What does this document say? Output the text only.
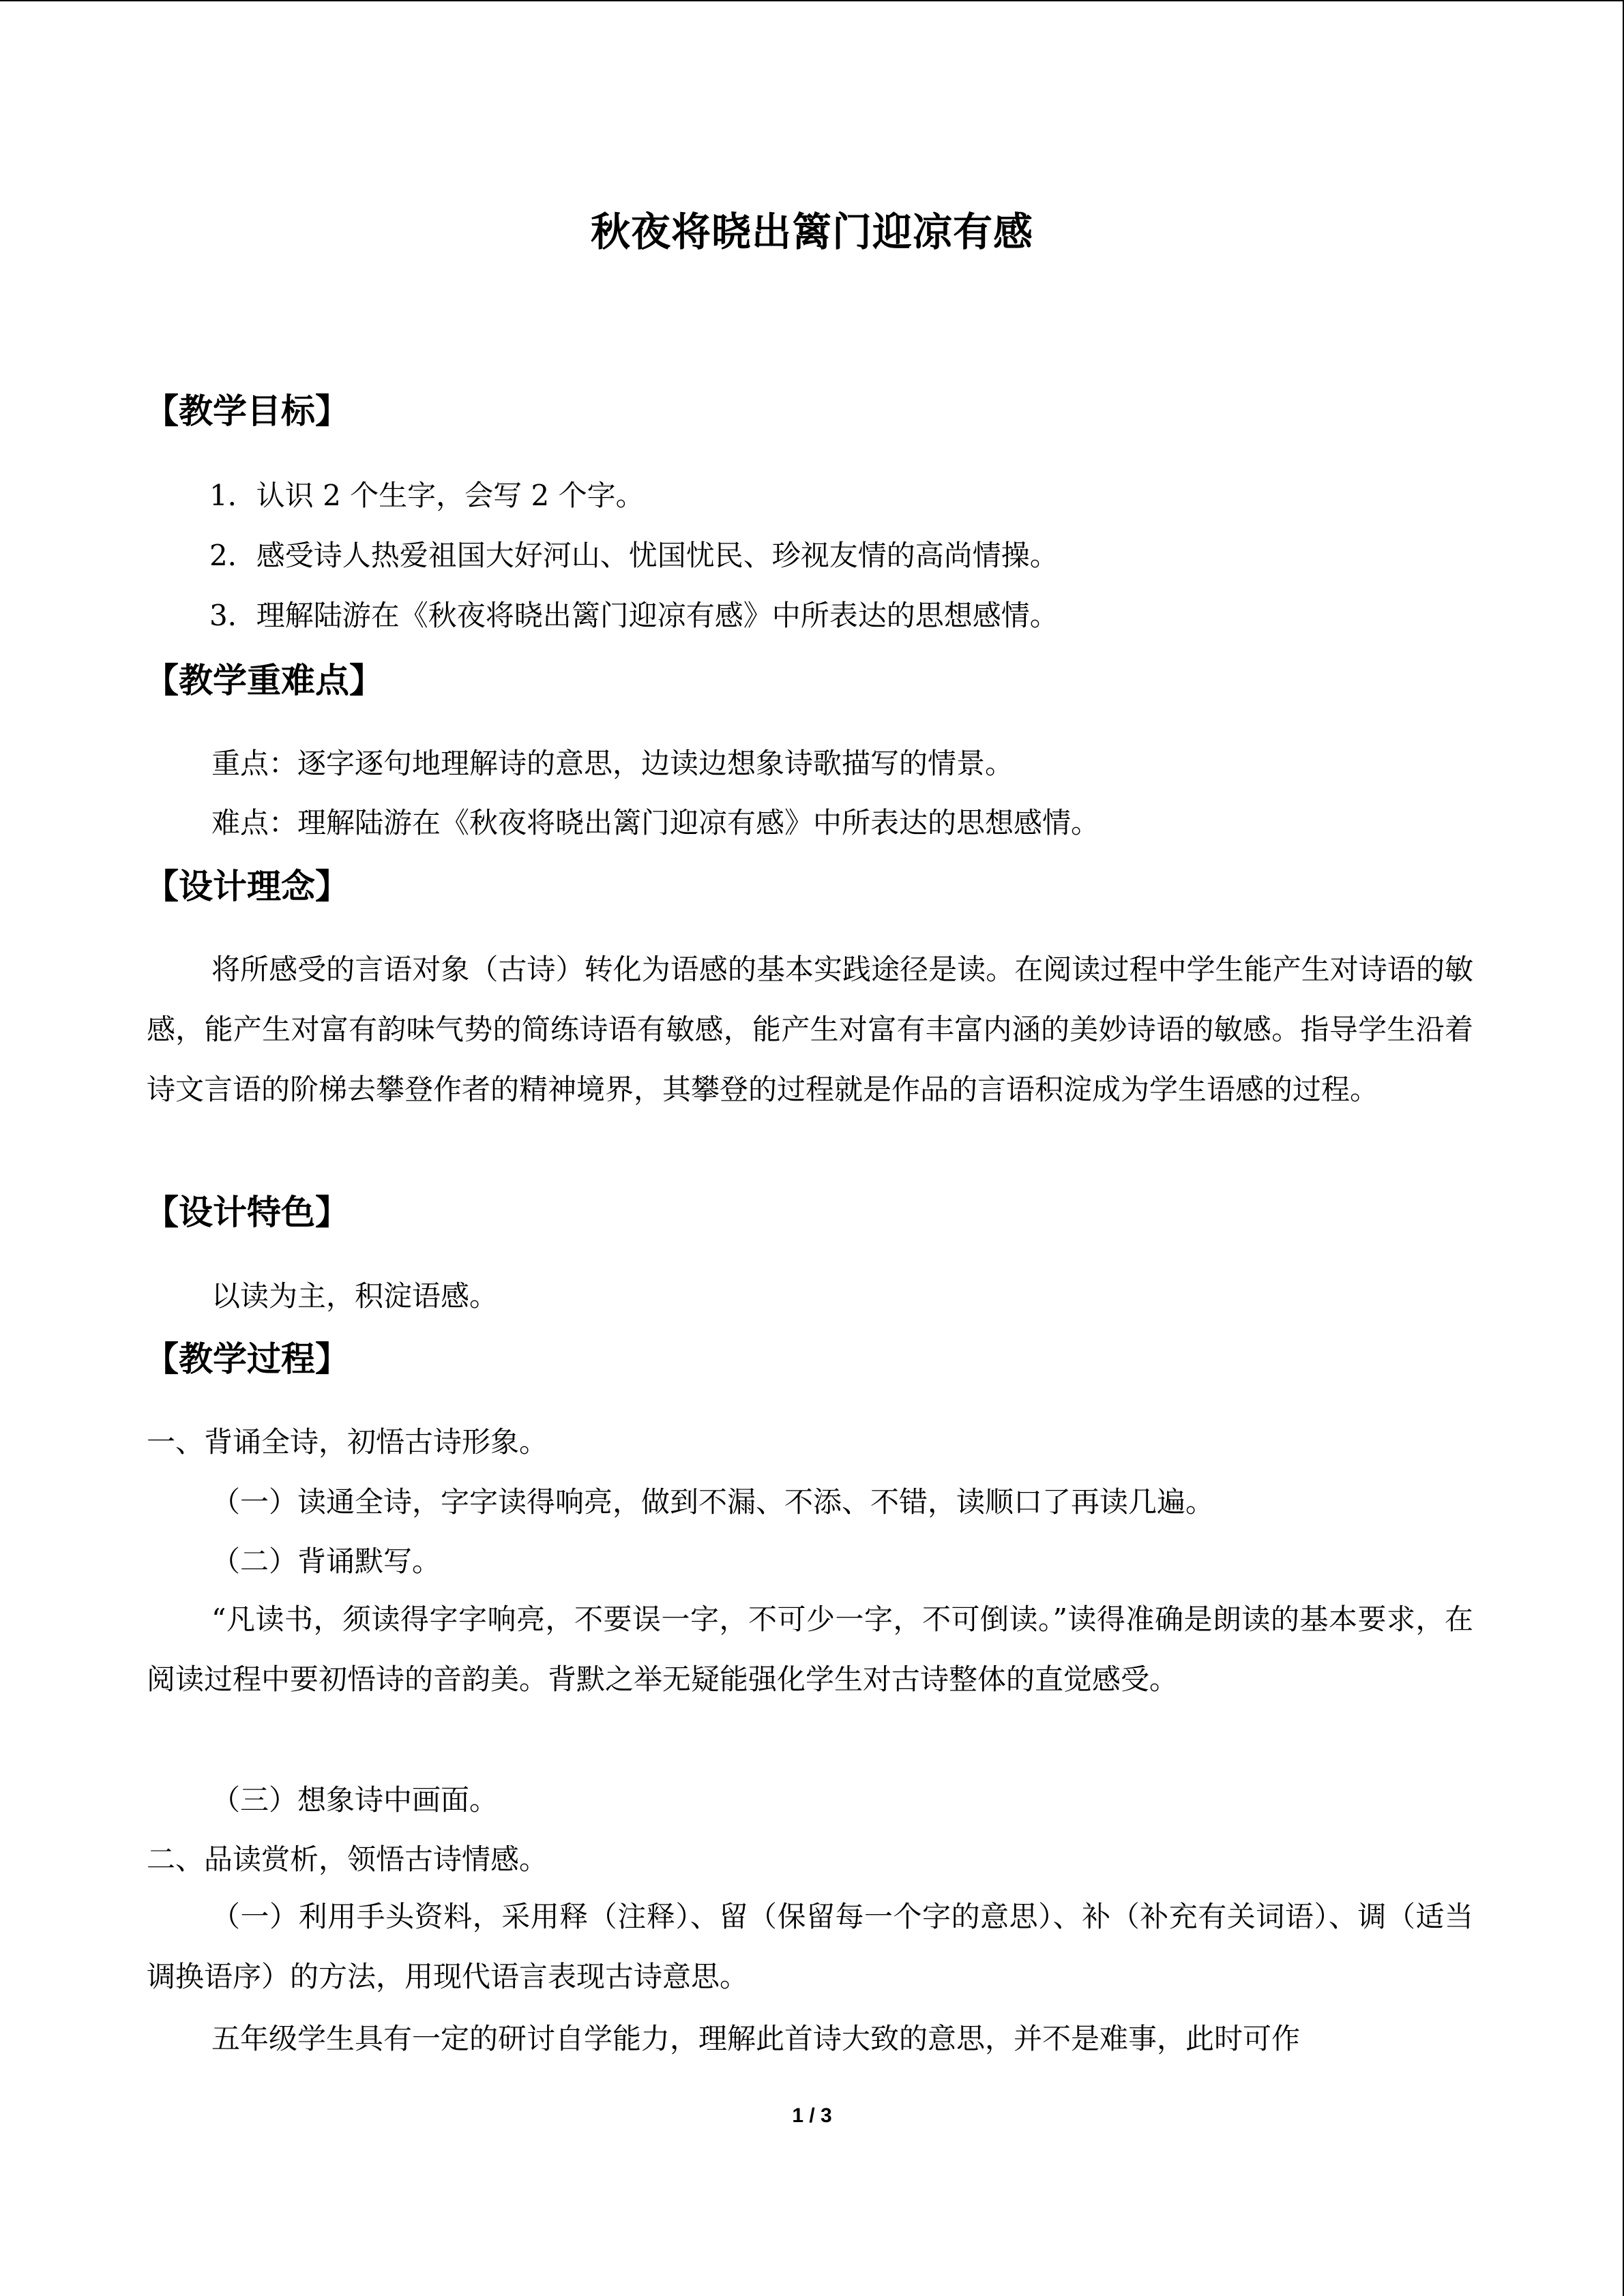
秋夜将晓出篱门迎凉有感
【教学目标】
1．认识 2 个生字，会写 2 个字。
2．感受诗人热爱祖国大好河山、忧国忧民、珍视友情的高尚情操。
3．理解陆游在《秋夜将晓出篱门迎凉有感》中所表达的思想感情。
【教学重难点】
重点：逐字逐句地理解诗的意思，边读边想象诗歌描写的情景。
难点：理解陆游在《秋夜将晓出篱门迎凉有感》中所表达的思想感情。
【设计理念】
将所感受的言语对象（古诗）转化为语感的基本实践途径是读。在阅读过程中学生能产生对诗语的敏感，能产生对富有韵味气势的简练诗语有敏感，能产生对富有丰富内涵的美妙诗语的敏感。指导学生沿着诗文言语的阶梯去攀登作者的精神境界，其攀登的过程就是作品的言语积淀成为学生语感的过程。
【设计特色】
以读为主，积淀语感。
【教学过程】
一、背诵全诗，初悟古诗形象。
（一）读通全诗，字字读得响亮，做到不漏、不添、不错，读顺口了再读几遍。
（二）背诵默写。
“凡读书，须读得字字响亮，不要误一字，不可少一字，不可倒读。”读得准确是朗读的基本要求，在阅读过程中要初悟诗的音韵美。背默之举无疑能强化学生对古诗整体的直觉感受。
（三）想象诗中画面。
二、品读赏析，领悟古诗情感。
（一）利用手头资料，采用释（注释）、留（保留每一个字的意思）、补（补充有关词语）、调（适当调换语序）的方法，用现代语言表现古诗意思。
五年级学生具有一定的研讨自学能力，理解此首诗大致的意思，并不是难事，此时可作
1 / 3
